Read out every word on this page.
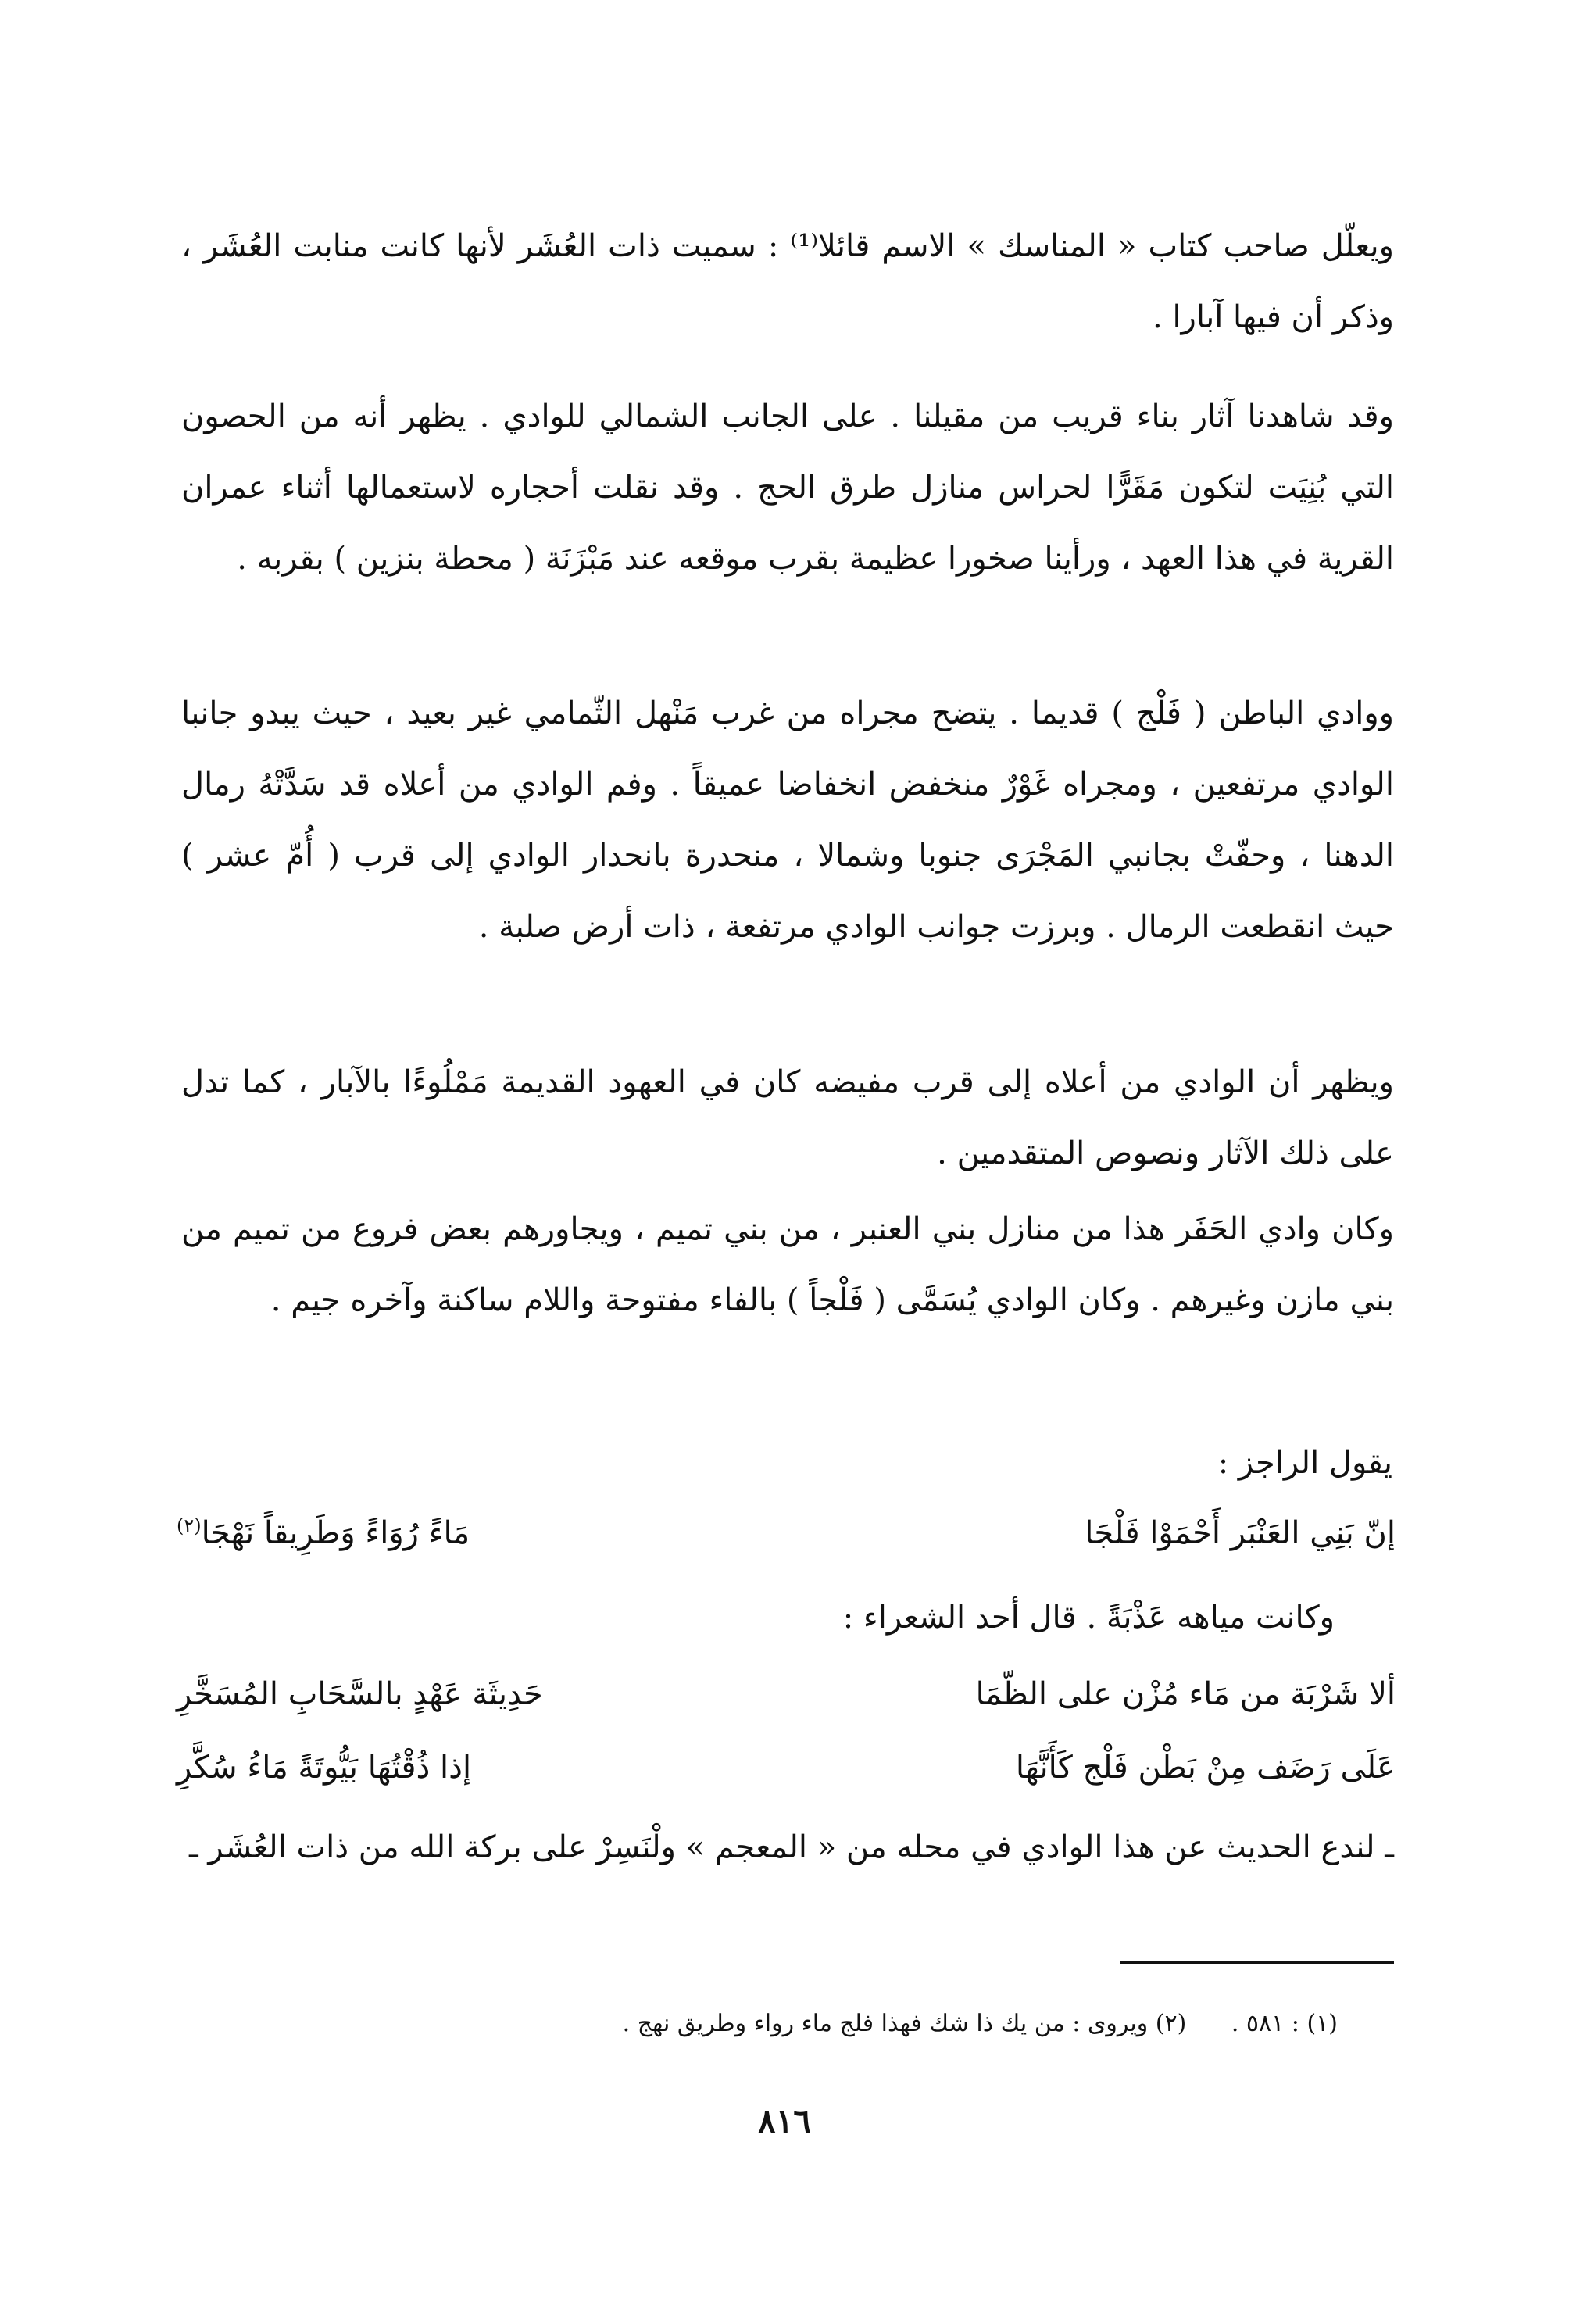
ويعلّل صاحب كتاب « المناسك » الاسم قائلا⁽¹⁾ : سميت ذات العُشَر لأنها كانت منابت العُشَر ، وذكر أن فيها آبارا .

وقد شاهدنا آثار بناء قريب من مقيلنا . على الجانب الشمالي للوادي . يظهر أنه من الحصون التي بُنِيَت لتكون مَقَرًّا لحراس منازل طرق الحج . وقد نقلت أحجاره لاستعمالها أثناء عمران القرية في هذا العهد ، ورأينا صخورا عظيمة بقرب موقعه عند مَبْزَنَة ( محطة بنزين ) بقربه .

ووادي الباطن ( فَلْج ) قديما . يتضح مجراه من غرب مَنْهل الثّمامي غير بعيد ، حيث يبدو جانبا الوادي مرتفعين ، ومجراه غَوْرٌ منخفض انخفاضا عميقاً . وفم الوادي من أعلاه قد سَدَّتْهُ رمال الدهنا ، وحفّتْ بجانبي المَجْرَى جنوبا وشمالا ، منحدرة بانحدار الوادي إلى قرب ( أُمّ عشر ) حيث انقطعت الرمال . وبرزت جوانب الوادي مرتفعة ، ذات أرض صلبة .

ويظهر أن الوادي من أعلاه إلى قرب مفيضه كان في العهود القديمة مَمْلُوءًا بالآبار ، كما تدل على ذلك الآثار ونصوص المتقدمين .

وكان وادي الحَفَر هذا من منازل بني العنبر ، من بني تميم ، ويجاورهم بعض فروع من تميم من بني مازن وغيرهم . وكان الوادي يُسَمَّى ( فَلْجاً ) بالفاء مفتوحة واللام ساكنة وآخره جيم .

يقول الراجز :
إنّ بَنِي العَنْبَر أَحْمَوْا فَلْجَا
مَاءً رُوَاءً وَطَرِيقاً نَهْجَا$^{(٢)}$
وكانت مياهه عَذْبَةً . قال أحد الشعراء :
ألا شَرْبَة من مَاء مُزْن على الظّمَا
حَدِيثَة عَهْدٍ بالسَّحَابِ المُسَخَّرِ
عَلَى رَضَف مِنْ بَطْن فَلْج كَأَنَّهَا
إذا ذُقْتُهَا بَيُّوتَةً مَاءُ سُكَّرِ
ـ لندع الحديث عن هذا الوادي في محله من « المعجم » ولْنَسِرْ على بركة الله من ذات العُشَر ـ
(١) : ٥٨١ . (٢) ويروى : من يك ذا شك فهذا فلج ماء رواء وطريق نهج .
٨١٦
